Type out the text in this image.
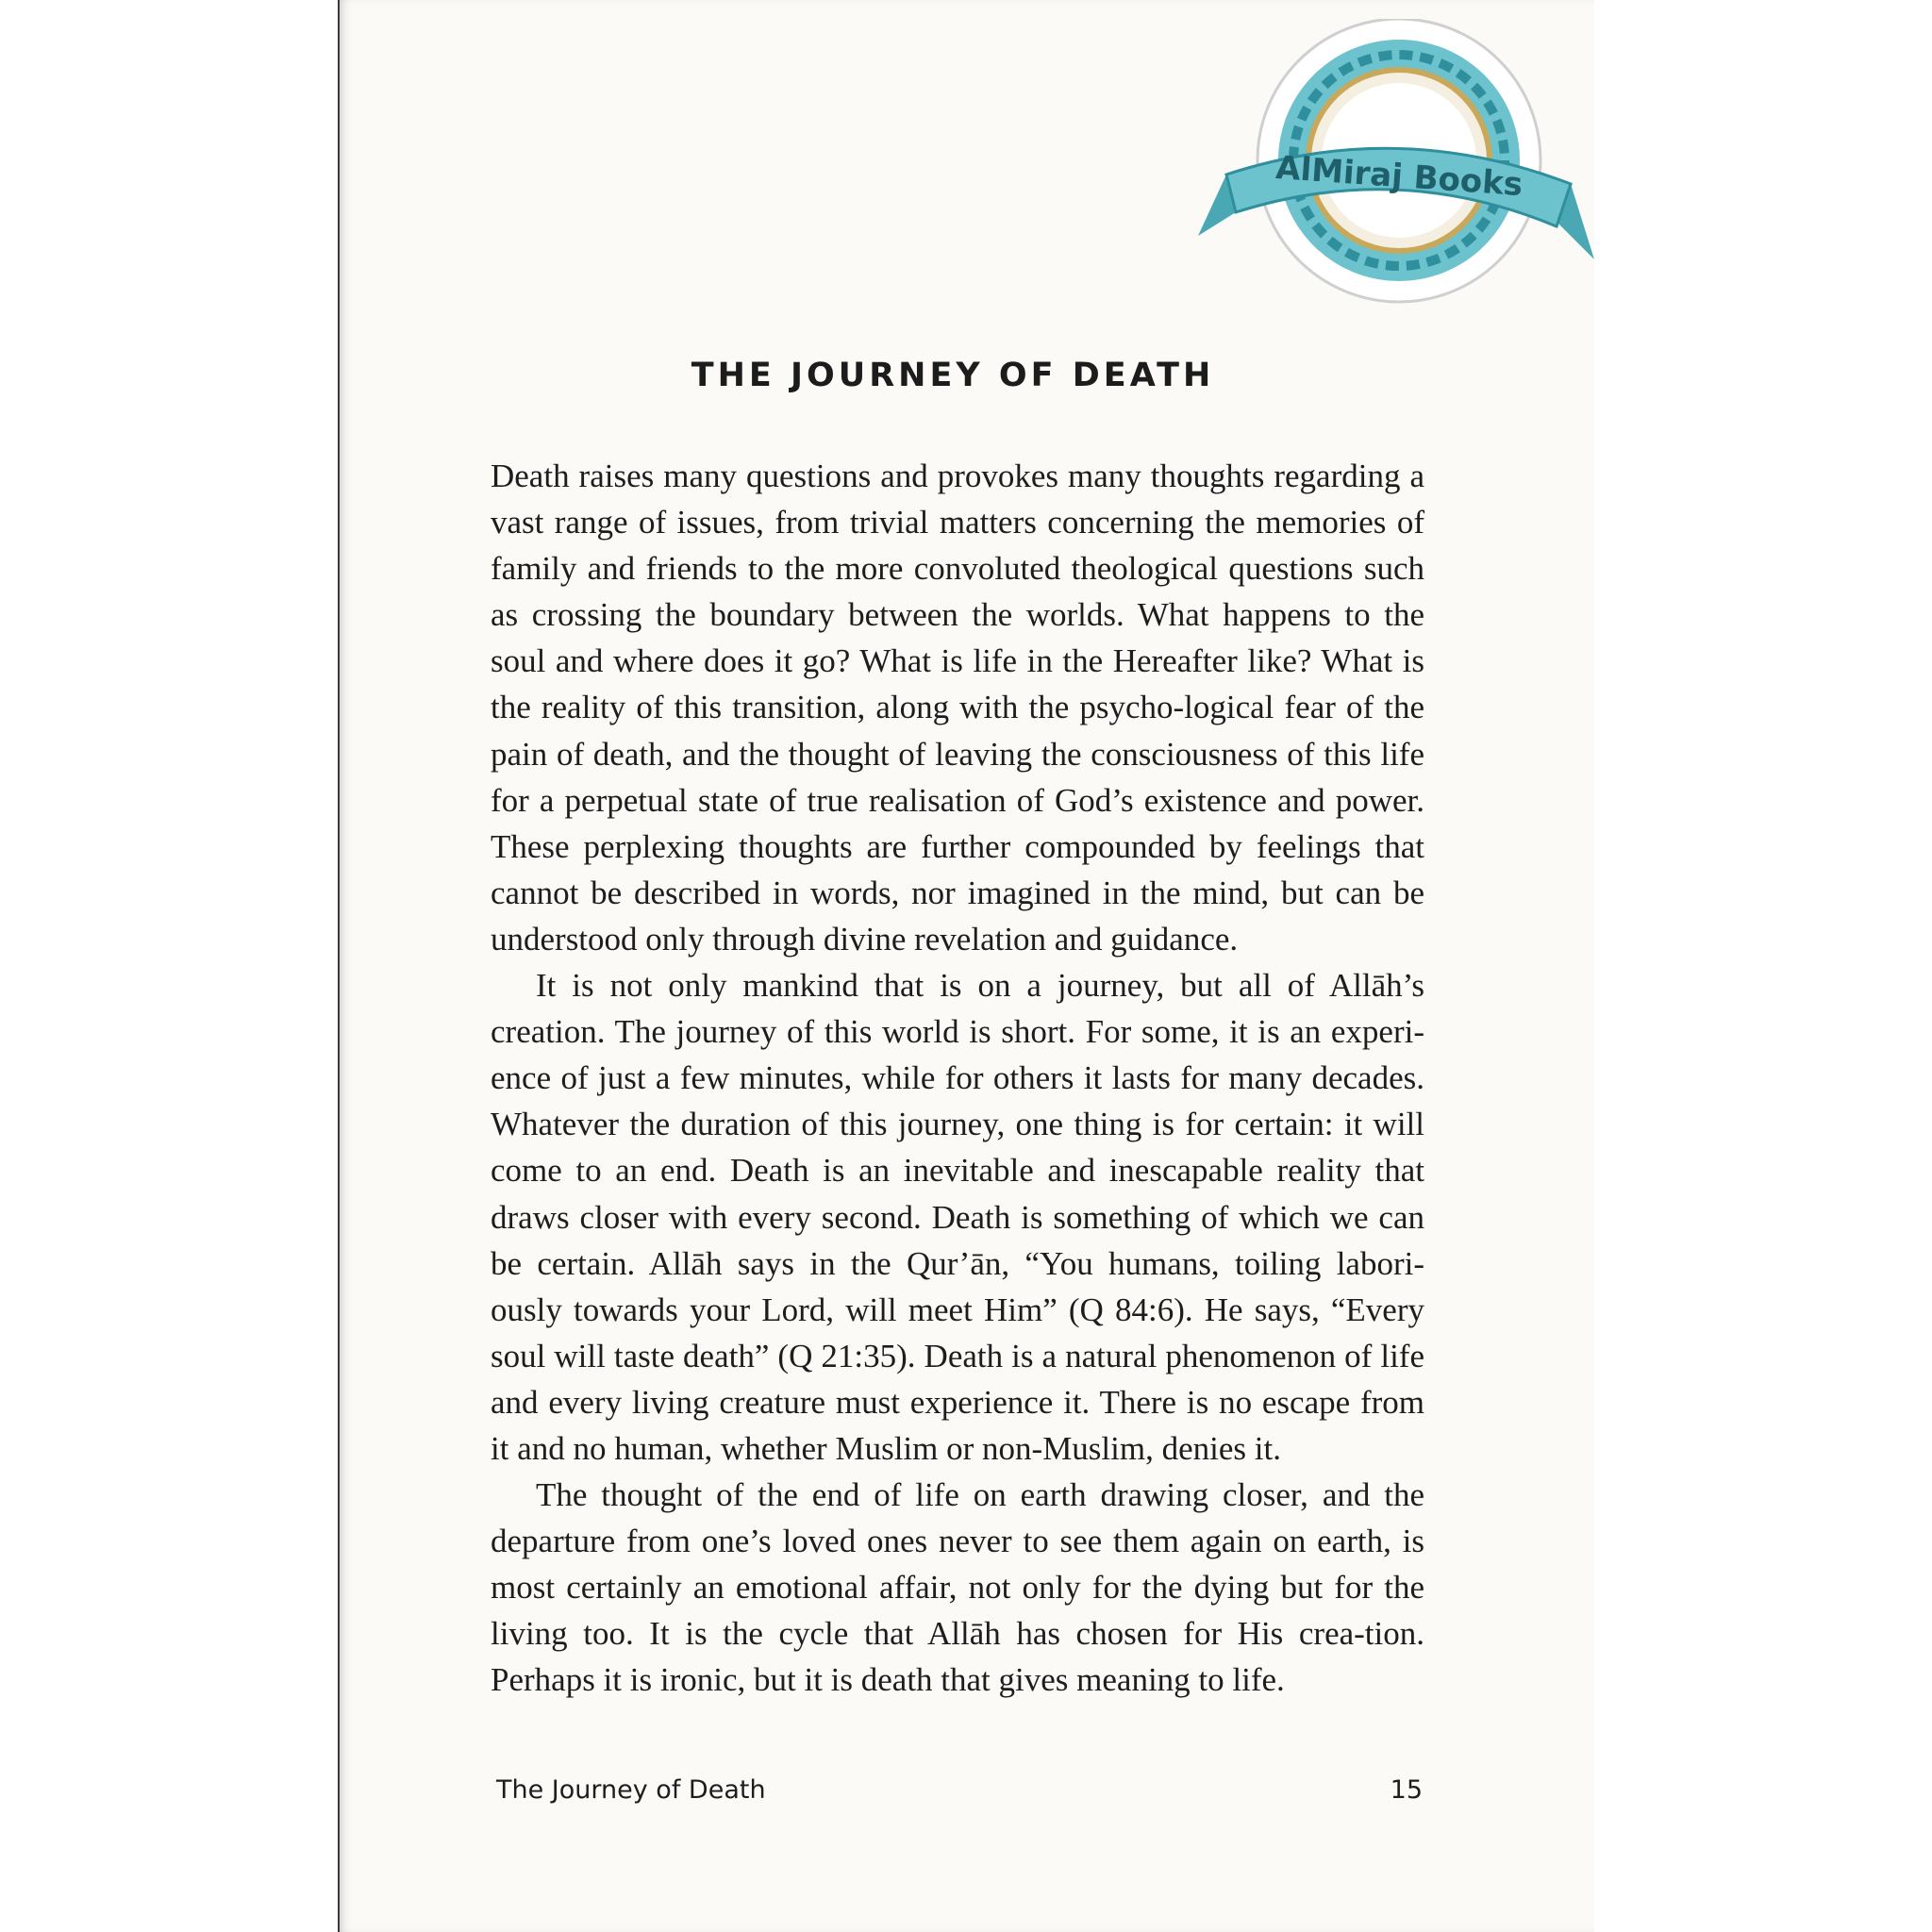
AlMiraj Books
THE JOURNEY OF DEATH

Death raises many questions and provokes many thoughts regarding a vast range of issues, from trivial matters concerning the memories of family and friends to the more convoluted theological questions such as crossing the boundary between the worlds. What happens to the soul and where does it go? What is life in the Hereafter like? What is the reality of this transition, along with the psycho-logical fear of the pain of death, and the thought of leaving the consciousness of this life for a perpetual state of true realisation of God’s existence and power. These perplexing thoughts are further compounded by feelings that cannot be described in words, nor imagined in the mind, but can be understood only through divine revelation and guidance.

It is not only mankind that is on a journey, but all of Allāh’s creation. The journey of this world is short. For some, it is an experi-ence of just a few minutes, while for others it lasts for many decades. Whatever the duration of this journey, one thing is for certain: it will come to an end. Death is an inevitable and inescapable reality that draws closer with every second. Death is something of which we can be certain. Allāh says in the Qur’ān, “You humans, toiling labori-ously towards your Lord, will meet Him” (Q 84:6). He says, “Every soul will taste death” (Q 21:35). Death is a natural phenomenon of life and every living creature must experience it. There is no escape from it and no human, whether Muslim or non-Muslim, denies it.

The thought of the end of life on earth drawing closer, and the departure from one’s loved ones never to see them again on earth, is most certainly an emotional affair, not only for the dying but for the living too. It is the cycle that Allāh has chosen for His crea-tion. Perhaps it is ironic, but it is death that gives meaning to life.

The Journey of Death	15
